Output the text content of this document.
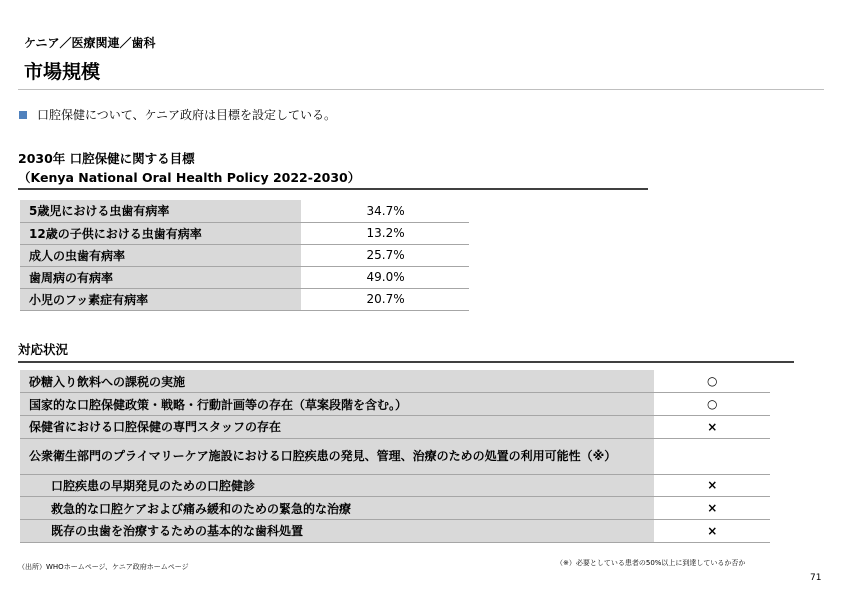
ケニア／医療関連／歯科
市場規模
口腔保健について、ケニア政府は目標を設定している。
2030年 口腔保健に関する目標
（Kenya National Oral Health Policy 2022-2030）
5歳児における虫歯有病率	34.7%
12歳の子供における虫歯有病率	13.2%
成人の虫歯有病率	25.7%
歯周病の有病率	49.0%
小児のフッ素症有病率	20.7%
対応状況
砂糖入り飲料への課税の実施	○
国家的な口腔保健政策・戦略・行動計画等の存在（草案段階を含む。）	○
保健省における口腔保健の専門スタッフの存在	×
公衆衛生部門のプライマリーケア施設における口腔疾患の発見、管理、治療のための処置の利用可能性（※）	
口腔疾患の早期発見のための口腔健診	×
救急的な口腔ケアおよび痛み緩和のための緊急的な治療	×
既存の虫歯を治療するための基本的な歯科処置	×
（※）必要としている患者の50%以上に到達しているか否か
（出所）WHOホームページ、ケニア政府ホームページ
71
